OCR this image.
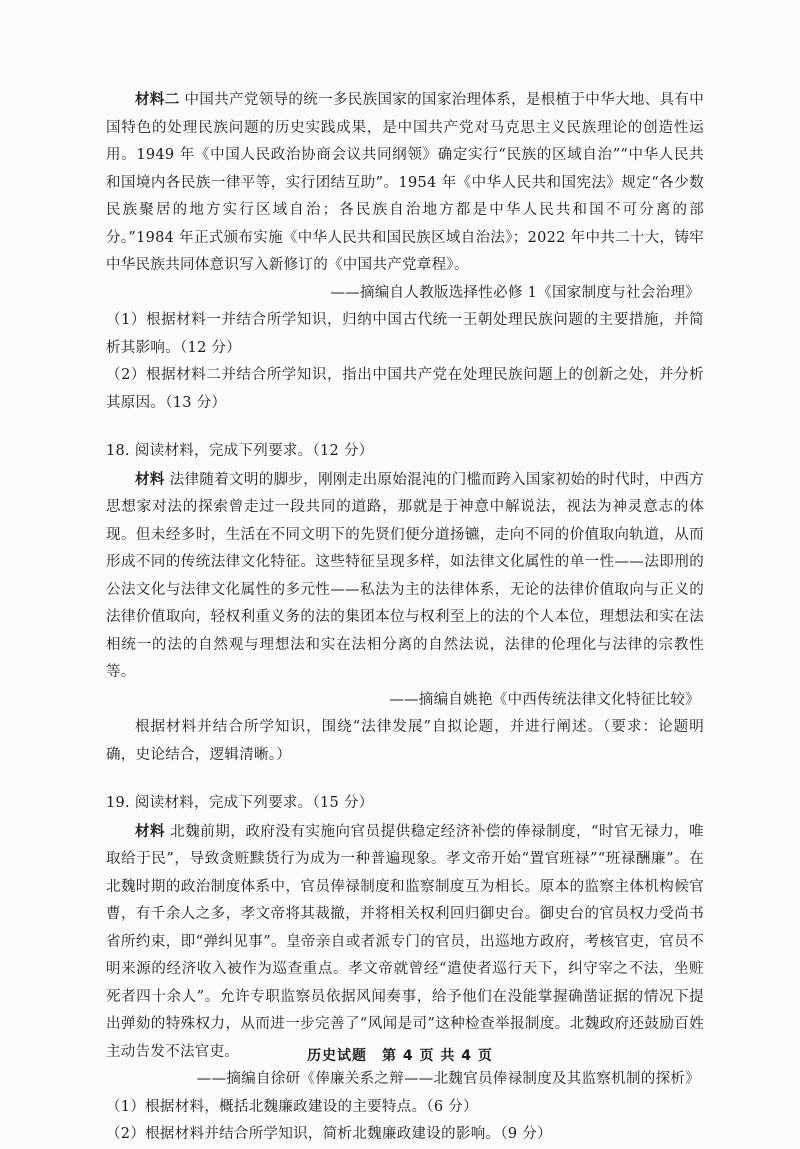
材料二 中国共产党领导的统一多民族国家的国家治理体系，是根植于中华大地、具有中国特色的处理民族问题的历史实践成果，是中国共产党对马克思主义民族理论的创造性运用。1949 年《中国人民政治协商会议共同纲领》确定实行“民族的区域自治”“中华人民共和国境内各民族一律平等，实行团结互助”。1954 年《中华人民共和国宪法》规定“各少数民族聚居的地方实行区域自治；各民族自治地方都是中华人民共和国不可分离的部分。”1984 年正式颁布实施《中华人民共和国民族区域自治法》；2022 年中共二十大，铸牢中华民族共同体意识写入新修订的《中国共产党章程》。

——摘编自人教版选择性必修 1《国家制度与社会治理》

（1）根据材料一并结合所学知识，归纳中国古代统一王朝处理民族问题的主要措施，并简析其影响。（12 分）

（2）根据材料二并结合所学知识，指出中国共产党在处理民族问题上的创新之处，并分析其原因。（13 分）

18. 阅读材料，完成下列要求。（12 分）

材料 法律随着文明的脚步，刚刚走出原始混沌的门槛而跨入国家初始的时代时，中西方思想家对法的探索曾走过一段共同的道路，那就是于神意中解说法，视法为神灵意志的体现。但未经多时，生活在不同文明下的先贤们便分道扬镳，走向不同的价值取向轨道，从而形成不同的传统法律文化特征。这些特征呈现多样，如法律文化属性的单一性——法即刑的公法文化与法律文化属性的多元性——私法为主的法律体系，无论的法律价值取向与正义的法律价值取向，轻权利重义务的法的集团本位与权利至上的法的个人本位，理想法和实在法相统一的法的自然观与理想法和实在法相分离的自然法说，法律的伦理化与法律的宗教性等。

——摘编自姚艳《中西传统法律文化特征比较》

根据材料并结合所学知识，围绕“法律发展”自拟论题，并进行阐述。（要求：论题明确，史论结合，逻辑清晰。）

19. 阅读材料，完成下列要求。（15 分）

材料 北魏前期，政府没有实施向官员提供稳定经济补偿的俸禄制度，“时官无禄力，唯取给于民”，导致贪赃黩货行为成为一种普遍现象。孝文帝开始“置官班禄”“班禄酬廉”。在北魏时期的政治制度体系中，官员俸禄制度和监察制度互为相长。原本的监察主体机构候官曹，有千余人之多，孝文帝将其裁撤，并将相关权利回归御史台。御史台的官员权力受尚书省所约束，即“弹纠见事”。皇帝亲自或者派专门的官员，出巡地方政府，考核官吏，官员不明来源的经济收入被作为巡查重点。孝文帝就曾经“遣使者巡行天下，纠守宰之不法，坐赃死者四十余人”。允许专职监察员依据风闻奏事，给予他们在没能掌握确凿证据的情况下提出弹劾的特殊权力，从而进一步完善了“风闻是司”这种检查举报制度。北魏政府还鼓励百姓主动告发不法官吏。

——摘编自徐研《俸廉关系之辩——北魏官员俸禄制度及其监察机制的探析》

（1）根据材料，概括北魏廉政建设的主要特点。（6 分）

（2）根据材料并结合所学知识，简析北魏廉政建设的影响。（9 分）

历史试题　第 4 页 共 4 页
